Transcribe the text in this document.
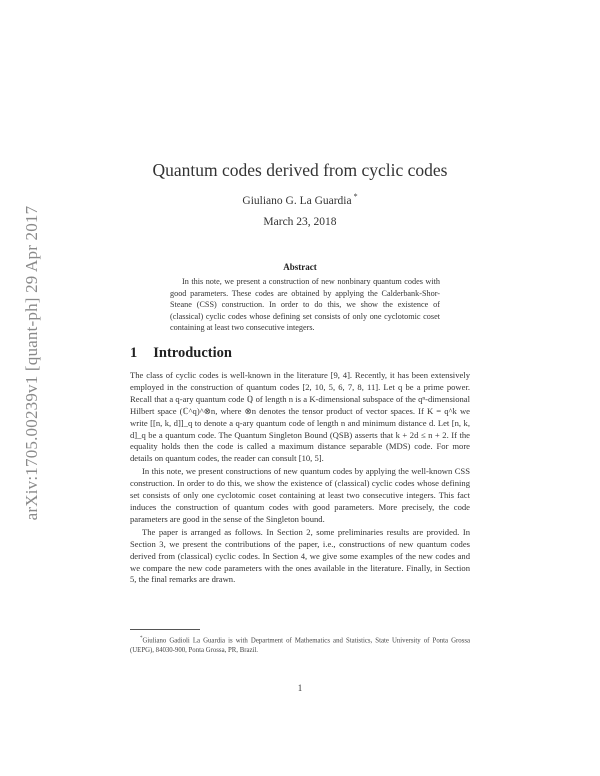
arXiv:1705.00239v1 [quant-ph] 29 Apr 2017
Quantum codes derived from cyclic codes
Giuliano G. La Guardia *
March 23, 2018
Abstract

In this note, we present a construction of new nonbinary quantum codes with good parameters. These codes are obtained by applying the Calderbank-Shor-Steane (CSS) construction. In order to do this, we show the existence of (classical) cyclic codes whose defining set consists of only one cyclotomic coset containing at least two consecutive integers.

1 Introduction

The class of cyclic codes is well-known in the literature [9, 4]. Recently, it has been extensively employed in the construction of quantum codes [2, 10, 5, 6, 7, 8, 11]. Let q be a prime power. Recall that a q-ary quantum code ℚ of length n is a K-dimensional subspace of the qⁿ-dimensional Hilbert space (ℂ^q)^⊗n, where ⊗n denotes the tensor product of vector spaces. If K = q^k we write [[n, k, d]]_q to denote a q-ary quantum code of length n and minimum distance d. Let [n, k, d]_q be a quantum code. The Quantum Singleton Bound (QSB) asserts that k + 2d ≤ n + 2. If the equality holds then the code is called a maximum distance separable (MDS) code. For more details on quantum codes, the reader can consult [10, 5].

In this note, we present constructions of new quantum codes by applying the well-known CSS construction. In order to do this, we show the existence of (classical) cyclic codes whose defining set consists of only one cyclotomic coset containing at least two consecutive integers. This fact induces the construction of quantum codes with good parameters. More precisely, the code parameters are good in the sense of the Singleton bound.

The paper is arranged as follows. In Section 2, some preliminaries results are provided. In Section 3, we present the contributions of the paper, i.e., constructions of new quantum codes derived from (classical) cyclic codes. In Section 4, we give some examples of the new codes and we compare the new code parameters with the ones available in the literature. Finally, in Section 5, the final remarks are drawn.

*Giuliano Gadioli La Guardia is with Department of Mathematics and Statistics, State University of Ponta Grossa (UEPG), 84030-900, Ponta Grossa, PR, Brazil.

1
